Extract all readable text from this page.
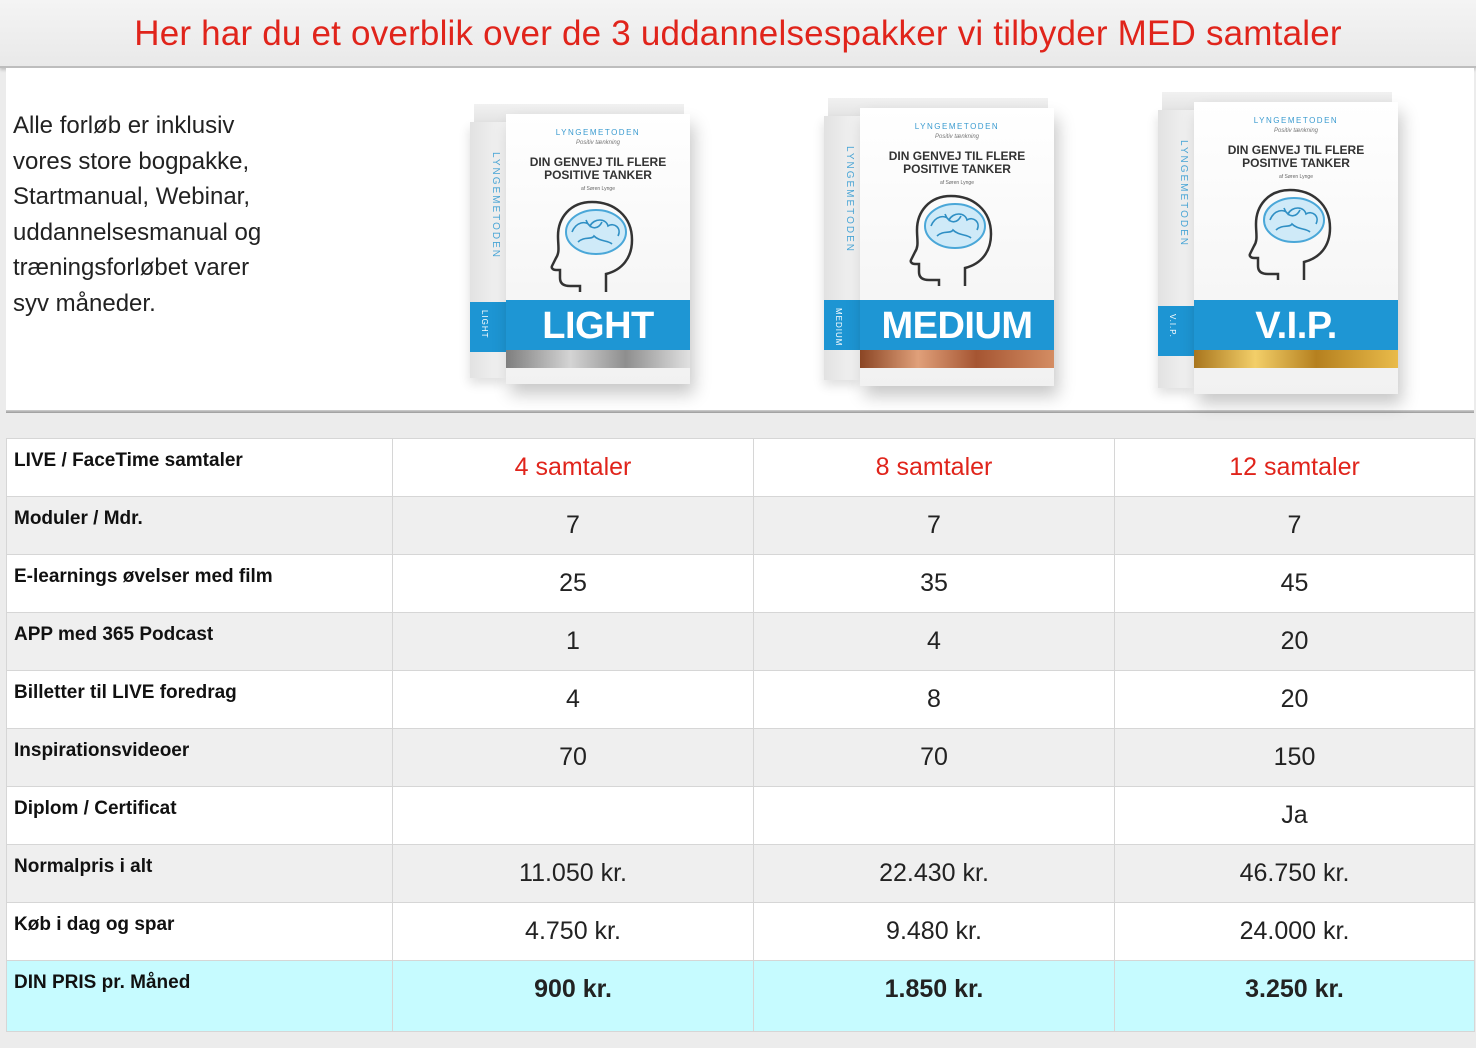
Her har du et overblik over de 3 uddannelsespakker vi tilbyder MED samtaler
Alle forløb er inklusiv
vores store bogpakke,
Startmanual, Webinar,
uddannelsesmanual og
træningsforløbet varer
syv måneder.
LYNGEMETODEN
LIGHT
LYNGEMETODEN
Positiv tænkning
DIN GENVEJ TIL FLERE
POSITIVE TANKER
af Søren Lynge
LIGHT
LYNGEMETODEN
MEDIUM
LYNGEMETODEN
Positiv tænkning
DIN GENVEJ TIL FLERE
POSITIVE TANKER
af Søren Lynge
MEDIUM
LYNGEMETODEN
V.I.P.
LYNGEMETODEN
Positiv tænkning
DIN GENVEJ TIL FLERE
POSITIVE TANKER
af Søren Lynge
V.I.P.
LIVE / FaceTime samtaler	4 samtaler	8 samtaler	12 samtaler

Moduler / Mdr.	7	7	7

E-learnings øvelser med film	25	35	45

APP med 365 Podcast	1	4	20

Billetter til LIVE foredrag	4	8	20

Inspirationsvideoer	70	70	150

Diplom / Certificat			Ja

Normalpris i alt	11.050 kr.	22.430 kr.	46.750 kr.

Køb i dag og spar	4.750 kr.	9.480 kr.	24.000 kr.

DIN PRIS pr. Måned	900 kr.	1.850 kr.	3.250 kr.
